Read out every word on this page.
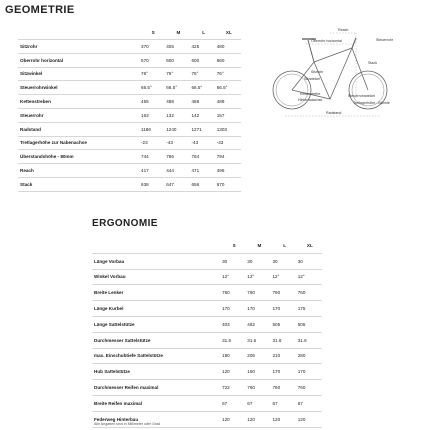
GEOMETRIE
	S	M	L	XL
Sitzrohr	370	405	425	480
Oberrohr horizontal	570	600	600	660
Sitzwinkel	76°	76°	76°	76°
Steuerrohrwinkel	66.5°	66.5°	66.5°	66.5°
Kettenstreben	455	488	488	489
Steuerrohr	163	132	142	157
Radstand	1186	1240	1271	1303
Tretlagerhöhe zur Nabenachse	-23	-43	-43	-43
Überstandshöhe - 80mm	744	786	784	794
Reach	417	444	471	496
Stack	638	647	656	670
Reach
Oberrohr horizontal	Steuerrohr
Sitzrohr
Stack
Sitzwinkel
Kettenstrebe	Steuerrohrwinkel
Hinterradachse
Tretlagerhöhe - Bönnte
Radstand
ERGONOMIE
	S	M	L	XL
Länge Vorbau	30	30	30	30
Winkel Vorbau	12°	12°	12°	12°
Breite Lenker	760	760	760	760
Länge Kurbel	170	170	170	175
Länge Sattelstütze	403	462	505	505
Durchmesser Sattelstütze	31.6	31.6	31.6	31.6
max. Einschubtiefe Sattelstütze	190	205	210	280
Hub Sattelstütze	120	150	170	170
Durchmesser Reifen maximal	722	760	760	760
Breite Reifen maximal	67	67	67	67
Federweg Hinterbau	120	120	120	120
Alle Angaben sind in Millimeter oder Grad
